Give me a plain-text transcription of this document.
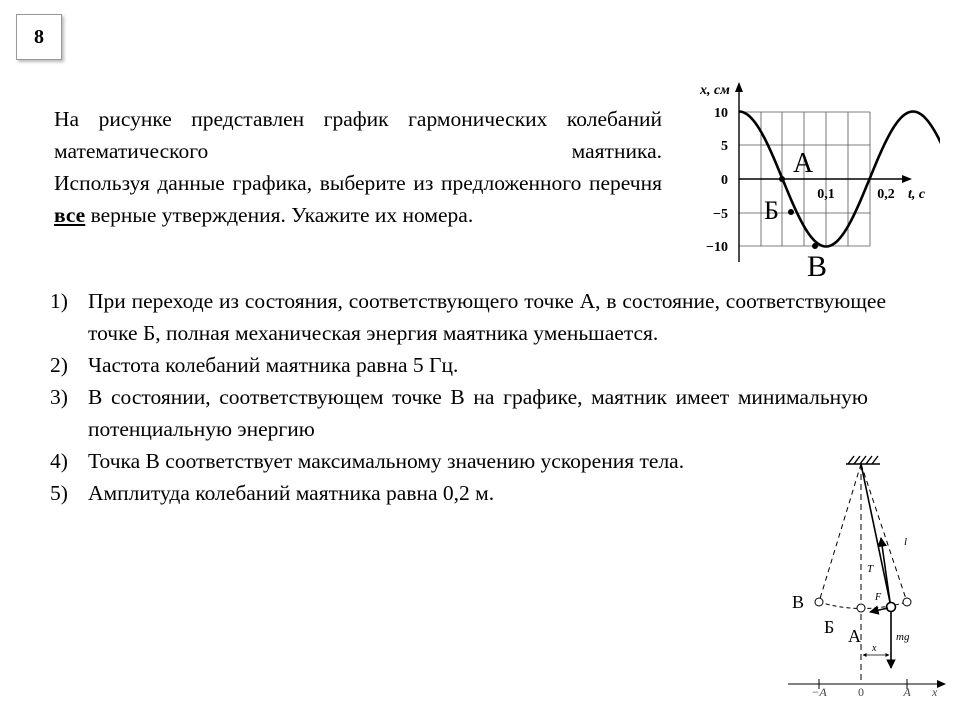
8

На рисунке представлен график гармонических колебаний математического маятника.

Используя данные графика, выберите из предложенного перечня все верные утверждения. Укажите их номера.

1) При переходе из состояния, соответствующего точке А, в состояние, соответствующее точке Б, полная механическая энергия маятника уменьшается.
2) Частота колебаний маятника равна 5 Гц.
3) В состоянии, соответствующем точке В на графике, маятник имеет минимальную потенциальную энергию
4) Точка В соответствует максимальному значению ускорения тела.
5) Амплитуда колебаний маятника равна 0,2 м.
x, см
t, с
10
5
0
−5
−10
0,1	0,2
А
Б
В
l
T
F
mg
x
В
Б А
−A	0	A x
